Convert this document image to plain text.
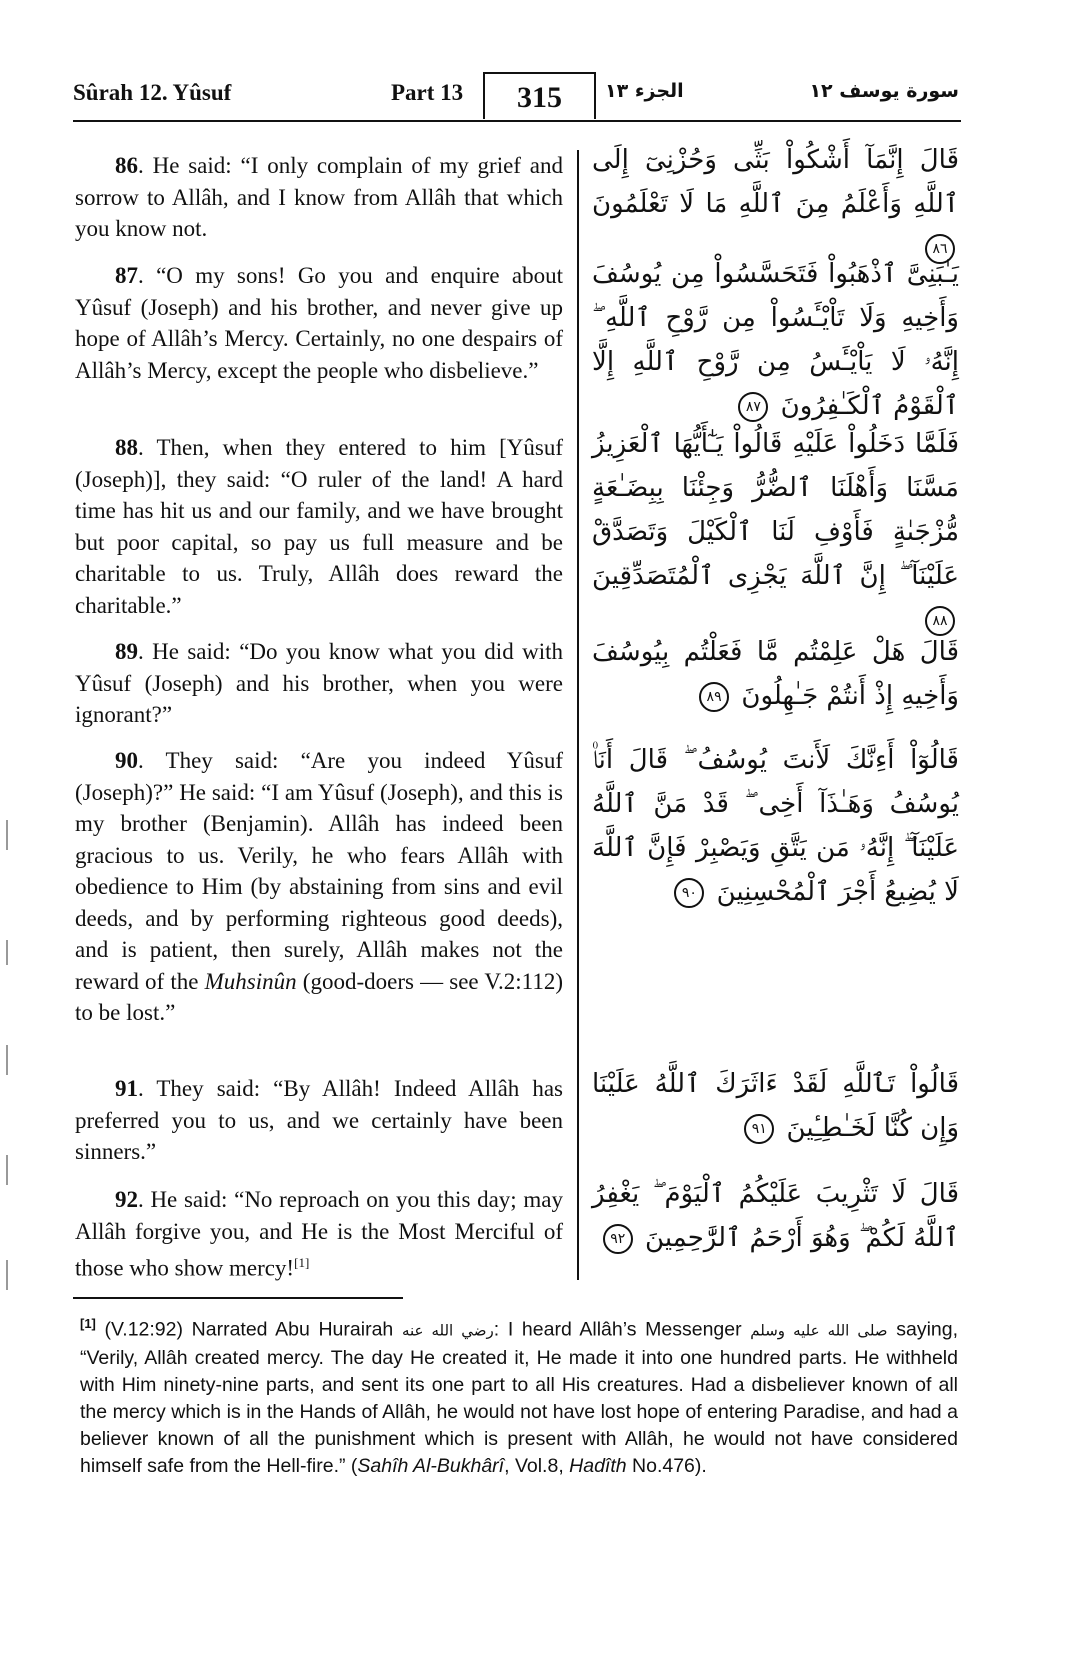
Sûrah 12. Yûsuf	Part 13	315	الجزء ١٣	سورة يوسف ١٢

86. He said: “I only complain of my grief and sorrow to Allâh, and I know from Allâh that which you know not.

قَالَ إِنَّمَآ أَشْكُواْ بَثِّى وَحُزْنِىٓ إِلَى ٱللَّهِ وَأَعْلَمُ مِنَ ٱللَّهِ مَا لَا تَعْلَمُونَ ٨٦

87. “O my sons! Go you and enquire about Yûsuf (Joseph) and his brother, and never give up hope of Allâh’s Mercy. Certainly, no one despairs of Allâh’s Mercy, except the people who disbelieve.”

يَـٰبَنِىَّ ٱذْهَبُواْ فَتَحَسَّسُواْ مِن يُوسُفَ وَأَخِيهِ وَلَا تَاْيْـَٔسُواْ مِن رَّوْحِ ٱللَّهِ ۖ إِنَّهُۥ لَا يَاْيْـَٔسُ مِن رَّوْحِ ٱللَّهِ إِلَّا ٱلْقَوْمُ ٱلْكَـٰفِرُونَ ٨٧

88. Then, when they entered to him [Yûsuf (Joseph)], they said: “O ruler of the land! A hard time has hit us and our family, and we have brought but poor capital, so pay us full measure and be charitable to us. Truly, Allâh does reward the charitable.”

فَلَمَّا دَخَلُواْ عَلَيْهِ قَالُواْ يَـٰٓأَيُّهَا ٱلْعَزِيزُ مَسَّنَا وَأَهْلَنَا ٱلضُّرُّ وَجِئْنَا بِبِضَـٰعَةٍ مُّزْجَىٰةٍ فَأَوْفِ لَنَا ٱلْكَيْلَ وَتَصَدَّقْ عَلَيْنَآ ۖ إِنَّ ٱللَّهَ يَجْزِى ٱلْمُتَصَدِّقِينَ ٨٨

89. He said: “Do you know what you did with Yûsuf (Joseph) and his brother, when you were ignorant?”

قَالَ هَلْ عَلِمْتُم مَّا فَعَلْتُم بِيُوسُفَ وَأَخِيهِ إِذْ أَنتُمْ جَـٰهِلُونَ ٨٩

90. They said: “Are you indeed Yûsuf (Joseph)?” He said: “I am Yûsuf (Joseph), and this is my brother (Benjamin). Allâh has indeed been gracious to us. Verily, he who fears Allâh with obedience to Him (by abstaining from sins and evil deeds, and by performing righteous good deeds), and is patient, then surely, Allâh makes not the reward of the Muhsinûn (good-doers — see V.2:112) to be lost.”

قَالُوٓاْ أَءِنَّكَ لَأَنتَ يُوسُفُ ۖ قَالَ أَنَا۠ يُوسُفُ وَهَـٰذَآ أَخِى ۖ قَدْ مَنَّ ٱللَّهُ عَلَيْنَآ ۖ إِنَّهُۥ مَن يَتَّقِ وَيَصْبِرْ فَإِنَّ ٱللَّهَ لَا يُضِيعُ أَجْرَ ٱلْمُحْسِنِينَ ٩٠

91. They said: “By Allâh! Indeed Allâh has preferred you to us, and we certainly have been sinners.”

قَالُواْ تَٱللَّهِ لَقَدْ ءَاثَرَكَ ٱللَّهُ عَلَيْنَا وَإِن كُنَّا لَخَـٰطِـِٔينَ ٩١

92. He said: “No reproach on you this day; may Allâh forgive you, and He is the Most Merciful of those who show mercy![1]

قَالَ لَا تَثْرِيبَ عَلَيْكُمُ ٱلْيَوْمَ ۖ يَغْفِرُ ٱللَّهُ لَكُمْ ۖ وَهُوَ أَرْحَمُ ٱلرَّٰحِمِينَ ٩٢
[1] (V.12:92) Narrated Abu Hurairah رضي الله عنه: I heard Allâh’s Messenger صلى الله عليه وسلم saying, “Verily, Allâh created mercy. The day He created it, He made it into one hundred parts. He withheld with Him ninety-nine parts, and sent its one part to all His creatures. Had a disbeliever known of all the mercy which is in the Hands of Allâh, he would not have lost hope of entering Paradise, and had a believer known of all the punishment which is present with Allâh, he would not have considered himself safe from the Hell-fire.” (Sahîh Al-Bukhârî, Vol.8, Hadîth No.476).
